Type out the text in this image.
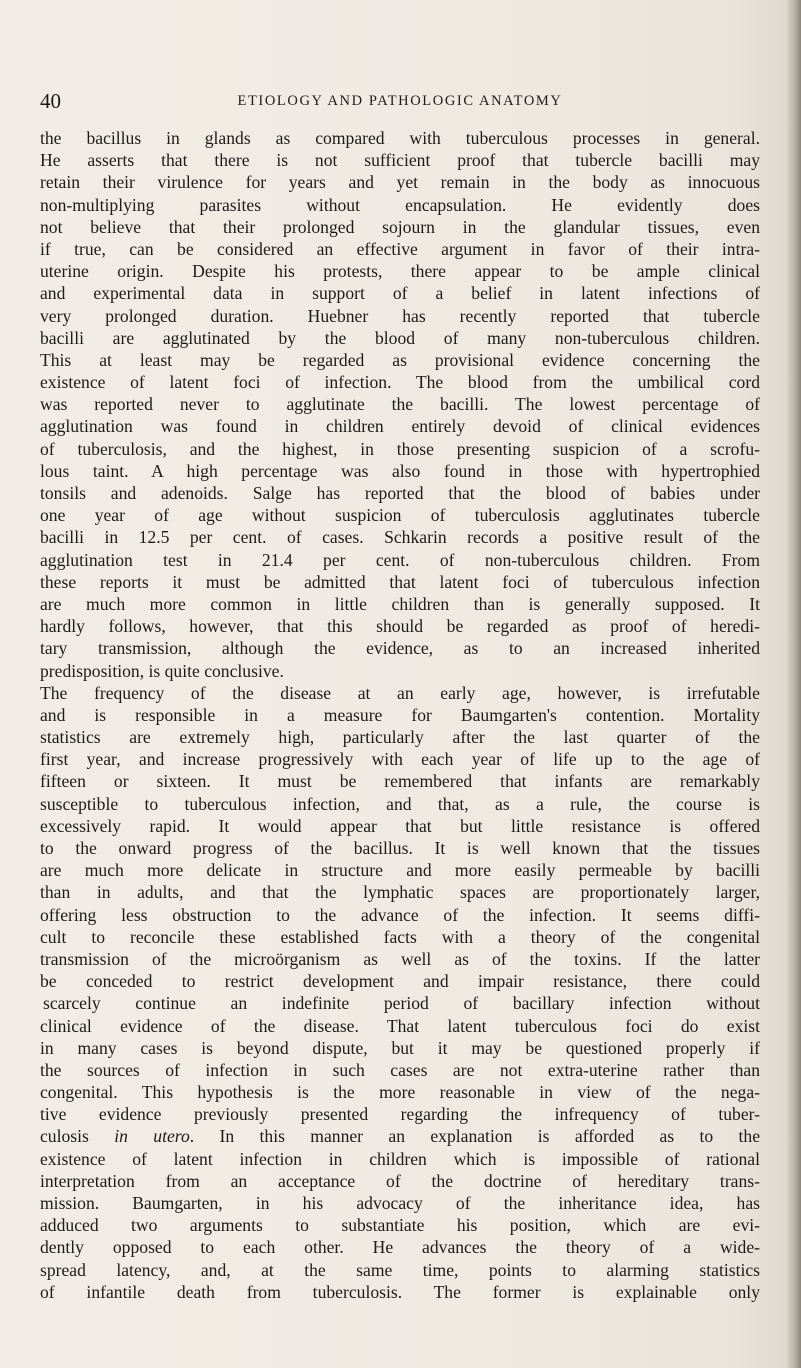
40	ETIOLOGY AND PATHOLOGIC ANATOMY
the bacillus in glands as compared with tuberculous processes in general.
He asserts that there is not sufficient proof that tubercle bacilli may
retain their virulence for years and yet remain in the body as innocuous
non-multiplying parasites without encapsulation. He evidently does
not believe that their prolonged sojourn in the glandular tissues, even
if true, can be considered an effective argument in favor of their intra-
uterine origin. Despite his protests, there appear to be ample clinical
and experimental data in support of a belief in latent infections of
very prolonged duration. Huebner has recently reported that tubercle
bacilli are agglutinated by the blood of many non-tuberculous children.
This at least may be regarded as provisional evidence concerning the
existence of latent foci of infection. The blood from the umbilical cord
was reported never to agglutinate the bacilli. The lowest percentage of
agglutination was found in children entirely devoid of clinical evidences
of tuberculosis, and the highest, in those presenting suspicion of a scrofu-
lous taint. A high percentage was also found in those with hypertrophied
tonsils and adenoids. Salge has reported that the blood of babies under
one year of age without suspicion of tuberculosis agglutinates tubercle
bacilli in 12.5 per cent. of cases. Schkarin records a positive result of the
agglutination test in 21.4 per cent. of non-tuberculous children. From
these reports it must be admitted that latent foci of tuberculous infection
are much more common in little children than is generally supposed. It
hardly follows, however, that this should be regarded as proof of heredi-
tary transmission, although the evidence, as to an increased inherited
predisposition, is quite conclusive.
The frequency of the disease at an early age, however, is irrefutable
and is responsible in a measure for Baumgarten's contention. Mortality
statistics are extremely high, particularly after the last quarter of the
first year, and increase progressively with each year of life up to the age of
fifteen or sixteen. It must be remembered that infants are remarkably
susceptible to tuberculous infection, and that, as a rule, the course is
excessively rapid. It would appear that but little resistance is offered
to the onward progress of the bacillus. It is well known that the tissues
are much more delicate in structure and more easily permeable by bacilli
than in adults, and that the lymphatic spaces are proportionately larger,
offering less obstruction to the advance of the infection. It seems diffi-
cult to reconcile these established facts with a theory of the congenital
transmission of the microörganism as well as of the toxins. If the latter
be conceded to restrict development and impair resistance, there could
scarcely continue an indefinite period of bacillary infection without
clinical evidence of the disease. That latent tuberculous foci do exist
in many cases is beyond dispute, but it may be questioned properly if
the sources of infection in such cases are not extra-uterine rather than
congenital. This hypothesis is the more reasonable in view of the nega-
tive evidence previously presented regarding the infrequency of tuber-
culosis in utero. In this manner an explanation is afforded as to the
existence of latent infection in children which is impossible of rational
interpretation from an acceptance of the doctrine of hereditary trans-
mission. Baumgarten, in his advocacy of the inheritance idea, has
adduced two arguments to substantiate his position, which are evi-
dently opposed to each other. He advances the theory of a wide-
spread latency, and, at the same time, points to alarming statistics
of infantile death from tuberculosis. The former is explainable only
